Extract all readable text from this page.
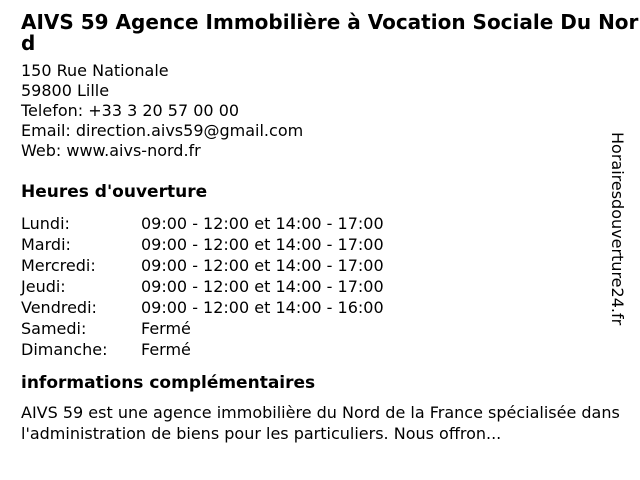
AIVS 59 Agence Immobilière à Vocation Sociale Du Nord
150 Rue Nationale
59800 Lille
Telefon: +33 3 20 57 00 00
Email: direction.aivs59@gmail.com
Web: www.aivs-nord.fr
Heures d'ouverture
Lundi:	09:00 - 12:00 et 14:00 - 17:00
Mardi:	09:00 - 12:00 et 14:00 - 17:00
Mercredi:	09:00 - 12:00 et 14:00 - 17:00
Jeudi:	09:00 - 12:00 et 14:00 - 17:00
Vendredi:	09:00 - 12:00 et 14:00 - 16:00
Samedi:	Fermé
Dimanche:	Fermé
informations complémentaires

AIVS 59 est une agence immobilière du Nord de la France spécialisée dans l'administration de biens pour les particuliers. Nous offron...

Horairesdouverture24.fr
